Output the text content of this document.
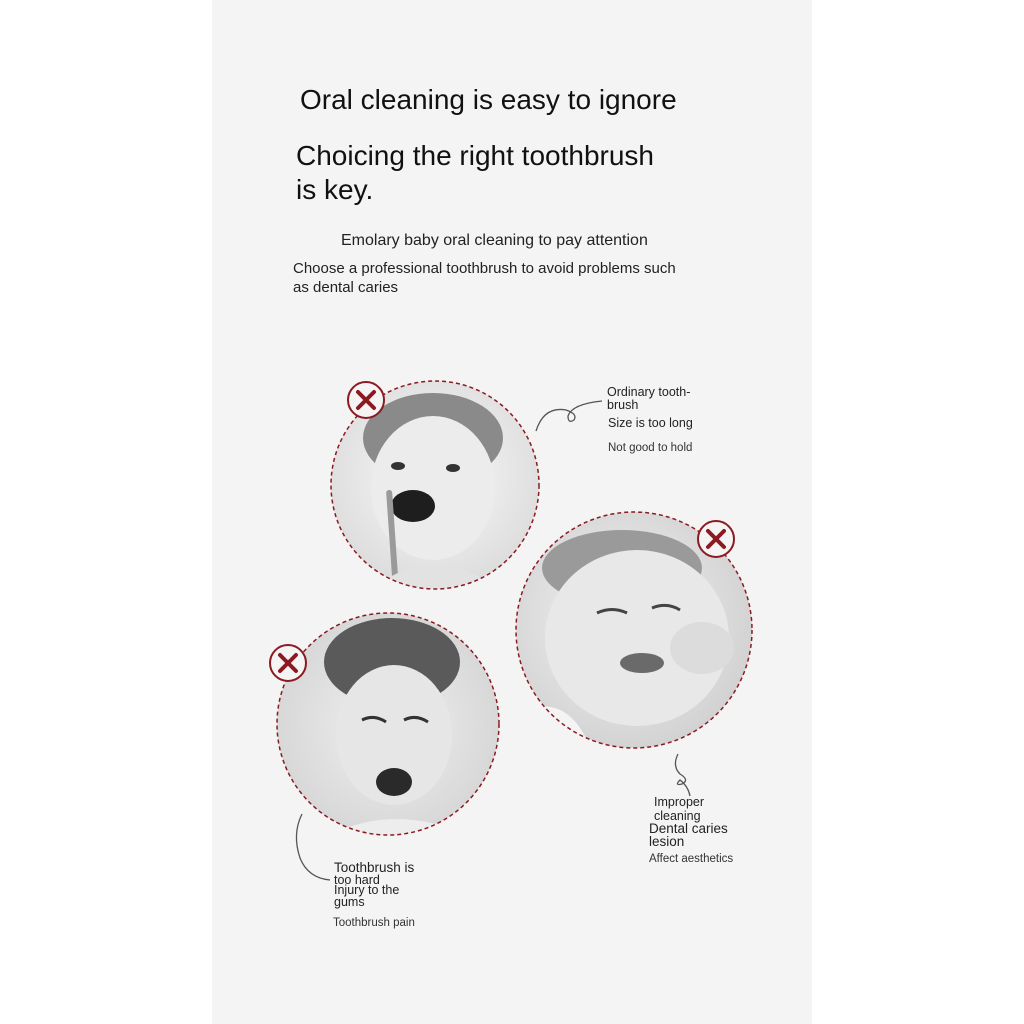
Oral cleaning is easy to ignore
Choicing the right toothbrush
is key.
Emolary baby oral cleaning to pay attention
Choose a professional toothbrush to avoid problems such
as dental caries
Ordinary tooth-
brush
Size is too long
Not good to hold
Improper
cleaning
Dental caries
lesion
Affect aesthetics
Toothbrush is
too hard
Injury to the
gums
Toothbrush pain
